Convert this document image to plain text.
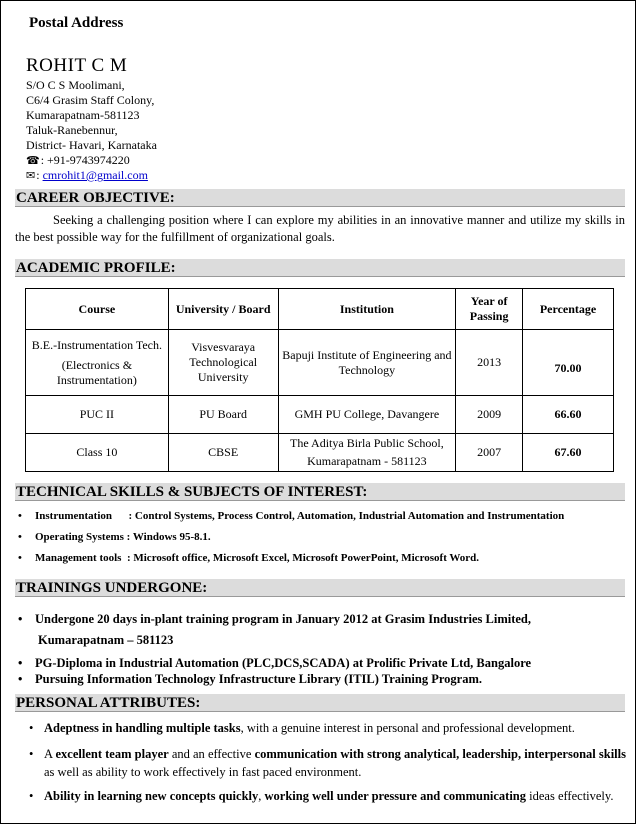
Postal Address
ROHIT C M
S/O C S Moolimani,
C6/4 Grasim Staff Colony,
Kumarapatnam-581123
Taluk-Ranebennur,
District- Havari, Karnataka
☎: +91-9743974220
✉: cmrohit1@gmail.com
CAREER OBJECTIVE:
Seeking a challenging position where I can explore my abilities in an innovative manner and utilize my skills in the best possible way for the fulfillment of organizational goals.
ACADEMIC PROFILE:
Course	University / Board	Institution	Year of Passing	Percentage

B.E.-Instrumentation Tech.
(Electronics & Instrumentation)	Visvesvaraya Technological University	Bapuji Institute of Engineering and Technology	2013	70.00
PUC II	PU Board	GMH PU College, Davangere	2009	66.60
Class 10	CBSE	The Aditya Birla Public School,
Kumarapatnam - 581123	2007	67.60
TECHNICAL SKILLS & SUBJECTS OF INTEREST:
• Instrumentation      : Control Systems, Process Control, Automation, Industrial Automation and Instrumentation
• Operating Systems : Windows 95-8.1.
• Management tools  : Microsoft office, Microsoft Excel, Microsoft PowerPoint, Microsoft Word.
TRAININGS UNDERGONE:
• Undergone 20 days in-plant training program in January 2012 at Grasim Industries Limited,
Kumarapatnam – 581123
• PG-Diploma in Industrial Automation (PLC,DCS,SCADA) at Prolific Private Ltd, Bangalore
• Pursuing Information Technology Infrastructure Library (ITIL) Training Program.
PERSONAL ATTRIBUTES:
• Adeptness in handling multiple tasks, with a genuine interest in personal and professional development.
• A excellent team player and an effective communication with strong analytical, leadership, interpersonal skills as well as ability to work effectively in fast paced environment.
• Ability in learning new concepts quickly, working well under pressure and communicating ideas effectively.
